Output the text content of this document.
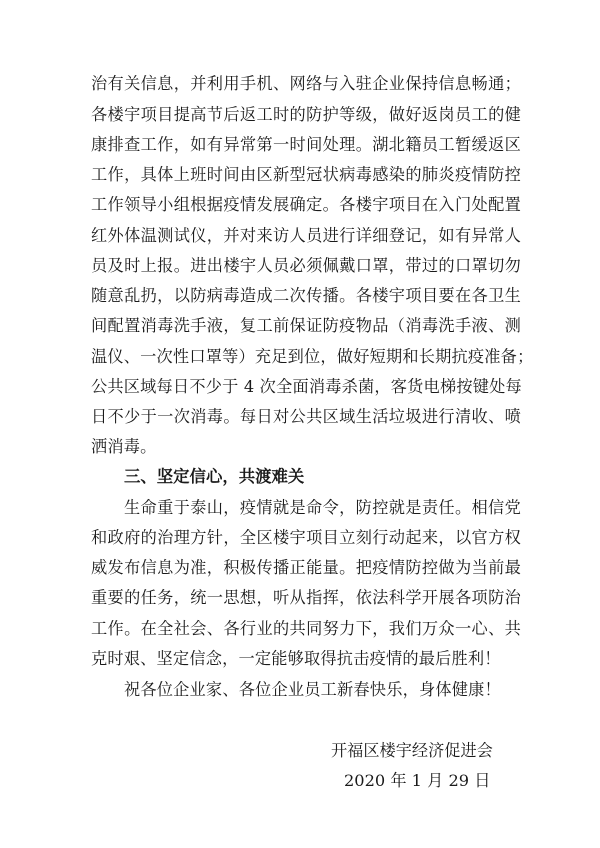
治有关信息，并利用手机、网络与入驻企业保持信息畅通；
各楼宇项目提高节后返工时的防护等级，做好返岗员工的健
康排查工作，如有异常第一时间处理。湖北籍员工暂缓返区
工作，具体上班时间由区新型冠状病毒感染的肺炎疫情防控
工作领导小组根据疫情发展确定。各楼宇项目在入门处配置
红外体温测试仪，并对来访人员进行详细登记，如有异常人
员及时上报。进出楼宇人员必须佩戴口罩，带过的口罩切勿
随意乱扔，以防病毒造成二次传播。各楼宇项目要在各卫生
间配置消毒洗手液，复工前保证防疫物品（消毒洗手液、测
温仪、一次性口罩等）充足到位，做好短期和长期抗疫准备；
公共区域每日不少于 4 次全面消毒杀菌，客货电梯按键处每
日不少于一次消毒。每日对公共区域生活垃圾进行清收、喷
洒消毒。
三、坚定信心，共渡难关
生命重于泰山，疫情就是命令，防控就是责任。相信党
和政府的治理方针，全区楼宇项目立刻行动起来，以官方权
威发布信息为准，积极传播正能量。把疫情防控做为当前最
重要的任务，统一思想，听从指挥，依法科学开展各项防治
工作。在全社会、各行业的共同努力下，我们万众一心、共
克时艰、坚定信念，一定能够取得抗击疫情的最后胜利！
祝各位企业家、各位企业员工新春快乐，身体健康！
开福区楼宇经济促进会
2020 年 1 月 29 日
